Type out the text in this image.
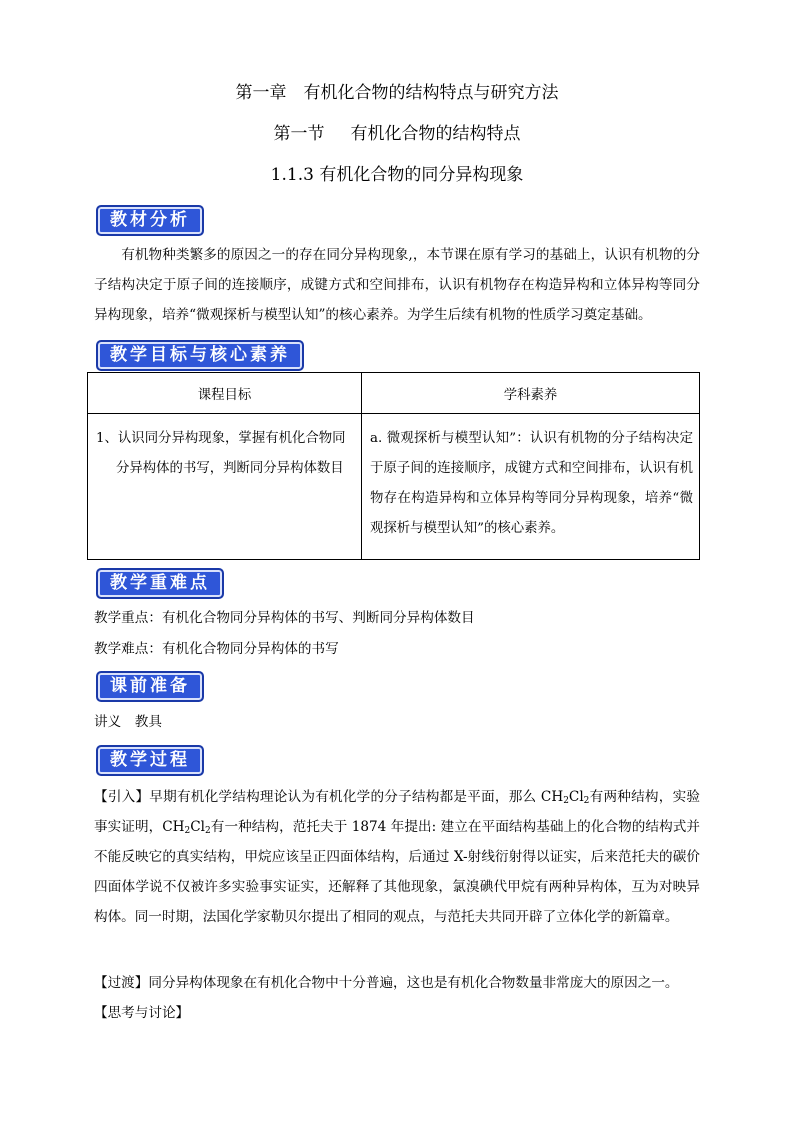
第一章　有机化合物的结构特点与研究方法
第一节 有机化合物的结构特点
1.1.3 有机化合物的同分异构现象
教材分析
有机物种类繁多的原因之一的存在同分异构现象,，本节课在原有学习的基础上，认识有机物的分子结构决定于原子间的连接顺序，成键方式和空间排布，认识有机物存在构造异构和立体异构等同分异构现象，培养“微观探析与模型认知”的核心素养。为学生后续有机物的性质学习奠定基础。
教学目标与核心素养
课程目标	学科素养

1、认识同分异构现象，掌握有机化合物同分异构体的书写，判断同分异构体数目	a. 微观探析与模型认知”：认识有机物的分子结构决定于原子间的连接顺序，成键方式和空间排布，认识有机物存在构造异构和立体异构等同分异构现象，培养“微观探析与模型认知”的核心素养。
教学重难点
教学重点：有机化合物同分异构体的书写、判断同分异构体数目
教学难点：有机化合物同分异构体的书写
课前准备
讲义　教具
教学过程
【引入】早期有机化学结构理论认为有机化学的分子结构都是平面，那么 $CH_2Cl_2$有两种结构，实验事实证明，$CH_2Cl_2$有一种结构，范托夫于 1874 年提出: 建立在平面结构基础上的化合物的结构式并不能反映它的真实结构，甲烷应该呈正四面体结构，后通过 X-射线衍射得以证实，后来范托夫的碳价四面体学说不仅被许多实验事实证实，还解释了其他现象，氯溴碘代甲烷有两种异构体，互为对映异构体。同一时期，法国化学家勒贝尔提出了相同的观点，与范托夫共同开辟了立体化学的新篇章。
【过渡】同分异构体现象在有机化合物中十分普遍，这也是有机化合物数量非常庞大的原因之一。
【思考与讨论】
